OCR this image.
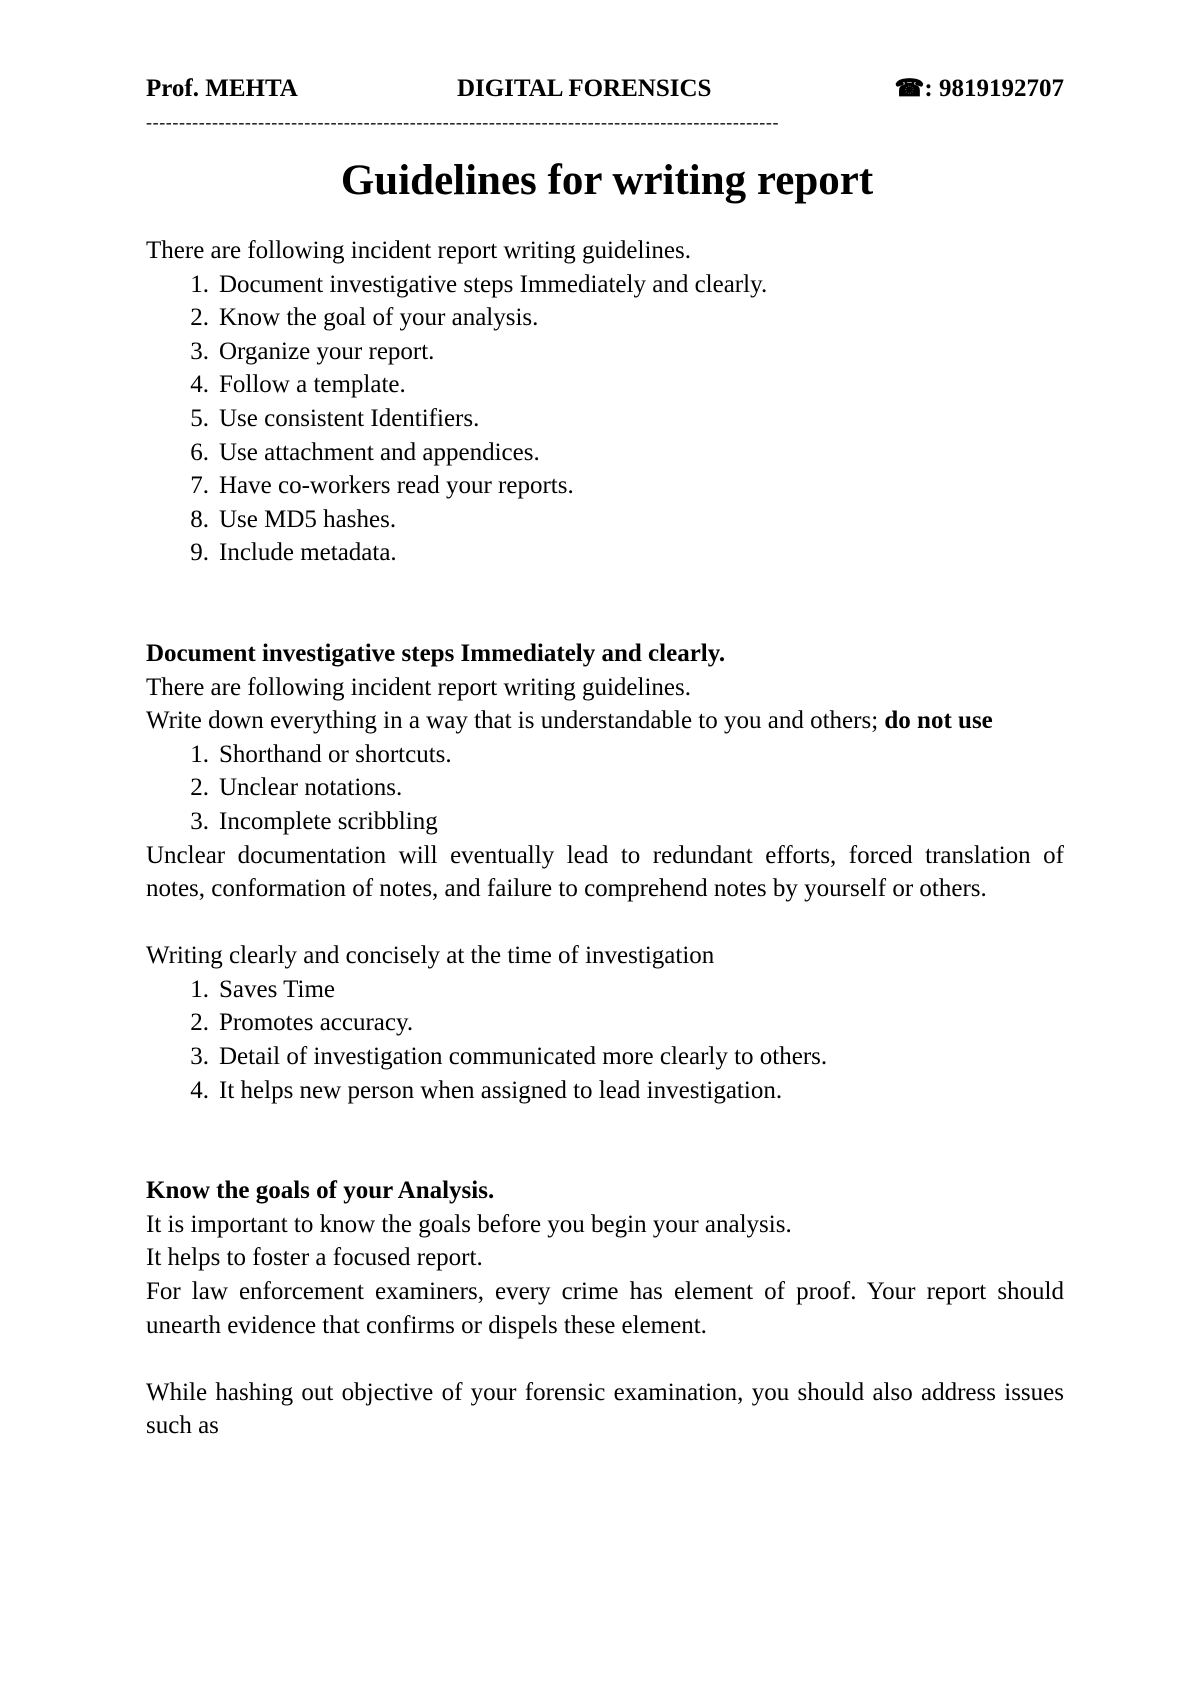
Prof. MEHTA	DIGITAL FORENSICS	☎: 9819192707
------------------------------------------------------------------------------------------------
Guidelines for writing report

There are following incident report writing guidelines.

1. Document investigative steps Immediately and clearly.
2. Know the goal of your analysis.
3. Organize your report.
4. Follow a template.
5. Use consistent Identifiers.
6. Use attachment and appendices.
7. Have co-workers read your reports.
8. Use MD5 hashes.
9. Include metadata.

Document investigative steps Immediately and clearly.

There are following incident report writing guidelines.

Write down everything in a way that is understandable to you and others; do not use

1. Shorthand or shortcuts.
2. Unclear notations.
3. Incomplete scribbling

Unclear documentation will eventually lead to redundant efforts, forced translation of notes, conformation of notes, and failure to comprehend notes by yourself or others.

Writing clearly and concisely at the time of investigation

1. Saves Time
2. Promotes accuracy.
3. Detail of investigation communicated more clearly to others.
4. It helps new person when assigned to lead investigation.

Know the goals of your Analysis.

It is important to know the goals before you begin your analysis.

It helps to foster a focused report.

For law enforcement examiners, every crime has element of proof. Your report should unearth evidence that confirms or dispels these element.

While hashing out objective of your forensic examination, you should also address issues such as
